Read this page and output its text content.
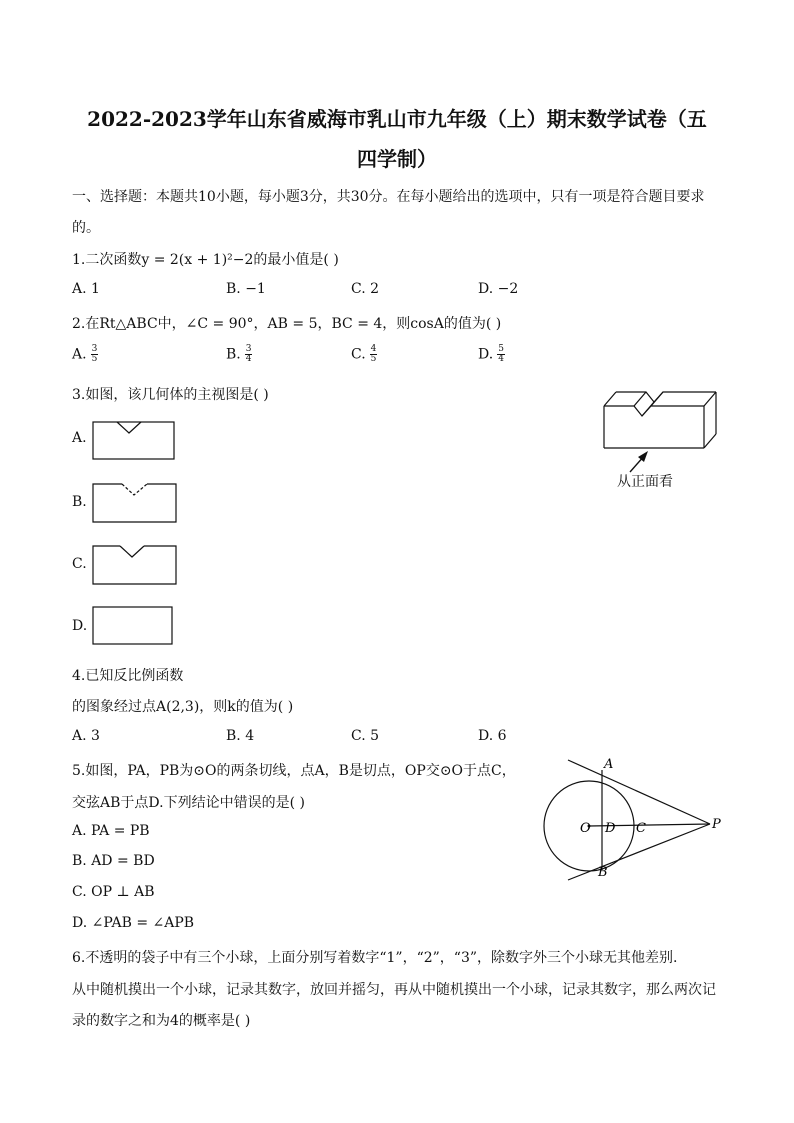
2022-2023学年山东省威海市乳山市九年级（上）期末数学试卷（五
四学制）
一、选择题：本题共10小题，每小题3分，共30分。在每小题给出的选项中，只有一项是符合题目要求
的。
1.二次函数y = 2(x + 1)²−2的最小值是( )
A. 1	B. −1	C. 2	D. −2
2.在Rt△ABC中，∠C = 90°，AB = 5，BC = 4，则cosA的值为( )
A. $\frac{3}{5}$	B. $\frac{3}{4}$	C. $\frac{4}{5}$	D. $\frac{5}{4}$
3.如图，该几何体的主视图是( )
从正面看
A.
B.
C.
D.
4.已知反比例函数
的图象经过点A(2,3)，则k的值为( )
A. 3	B. 4	C. 5	D. 6
5.如图，PA，PB为⊙O的两条切线，点A，B是切点，OP交⊙O于点C，
交弦AB于点D.下列结论中错误的是( )
A. PA = PB
B. AD = BD
C. OP ⊥ AB
D. ∠PAB = ∠APB
A
B
O D C	P
6.不透明的袋子中有三个小球，上面分别写着数字“1”，“2”，“3”，除数字外三个小球无其他差别.
从中随机摸出一个小球，记录其数字，放回并摇匀，再从中随机摸出一个小球，记录其数字，那么两次记
录的数字之和为4的概率是( )
